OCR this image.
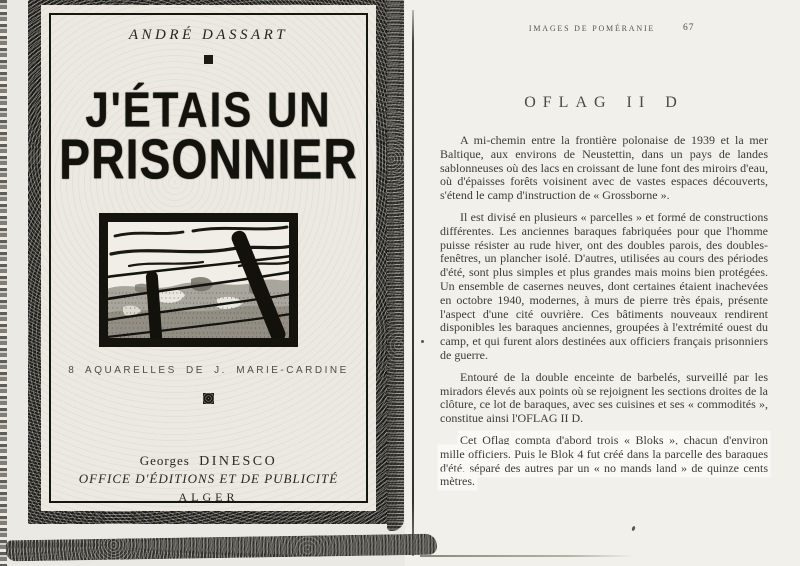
ANDRÉ DASSART
J'ÉTAIS UN
PRISONNIER
8 AQUARELLES DE J. MARIE-CARDINE
Georges DINESCO
OFFICE D'ÉDITIONS ET DE PUBLICITÉ
ALGER
IMAGES DE POMÉRANIE	67
OFLAG II D

A mi-chemin entre la frontière polonaise de 1939 et la mer Baltique, aux environs de Neustettin, dans un pays de landes sablonneuses où des lacs en croissant de lune font des miroirs d'eau, où d'épaisses forêts voisinent avec de vastes espaces découverts, s'étend le camp d'instruction de « Grossborne ».

Il est divisé en plusieurs « parcelles » et formé de constructions différentes. Les anciennes baraques fabriquées pour que l'homme puisse résister au rude hiver, ont des doubles parois, des doubles-fenêtres, un plancher isolé. D'autres, utilisées au cours des périodes d'été, sont plus simples et plus grandes mais moins bien protégées. Un ensemble de casernes neuves, dont certaines étaient inachevées en octobre 1940, modernes, à murs de pierre très épais, présente l'aspect d'une cité ouvrière. Ces bâtiments nouveaux rendirent disponibles les baraques anciennes, groupées à l'extrémité ouest du camp, et qui furent alors destinées aux officiers français prisonniers de guerre.

Entouré de la double enceinte de barbelés, surveillé par les miradors élevés aux points où se rejoignent les sections droites de la clôture, ce lot de baraques, avec ses cuisines et ses « commodités », constitue ainsi l'OFLAG II D.

Cet Oflag compta d'abord trois « Bloks », chacun d'environ mille officiers. Puis le Blok 4 fut créé dans la parcelle des baraques d'été, séparé des autres par un « no mands land » de quinze cents mètres.
